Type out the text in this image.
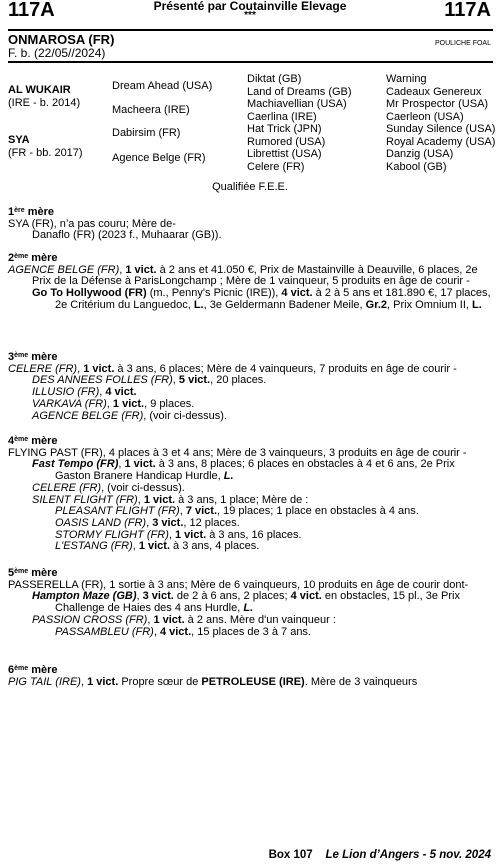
117A	Présenté par Coutainville Elevage
***	117A
ONMAROSA (FR)
F. b. (22/05//2024)
POULICHE FOAL
AL WUKAIR
(IRE - b. 2014)
SYA
(FR - bb. 2017)
Dream Ahead (USA)
Macheera (IRE)
Dabirsim (FR)
Agence Belge (FR)
Diktat (GB)
Land of Dreams (GB)
Machiavellian (USA)
Caerlina (IRE)
Hat Trick (JPN)
Rumored (USA)
Librettist (USA)
Celere (FR)
Warning
Cadeaux Genereux
Mr Prospector (USA)
Caerleon (USA)
Sunday Silence (USA)
Royal Academy (USA)
Danzig (USA)
Kabool (GB)
Qualifiée F.E.E.
1ère mère

SYA (FR), n’a pas couru; Mère de-

Danaflo (FR) (2023 f., Muhaarar (GB)).

2ème mère

AGENCE BELGE (FR), 1 vict. à 2 ans et 41.050 €, Prix de Mastainville à Deauville, 6 places, 2e Prix de la Défense à ParisLongchamp ; Mère de 1 vainqueur, 5 produits en âge de courir -

Go To Hollywood (FR) (m., Penny's Picnic (IRE)), 4 vict. à 2 à 5 ans et 181.890 €, 17 places, 2e Critérium du Languedoc, L., 3e Geldermann Badener Meile, Gr.2, Prix Omnium II, L.

3ème mère

CELERE (FR), 1 vict. à 3 ans, 6 places; Mère de 4 vainqueurs, 7 produits en âge de courir -

DES ANNEES FOLLES (FR), 5 vict., 20 places.

ILLUSIO (FR), 4 vict.

VARKAVA (FR), 1 vict., 9 places.

AGENCE BELGE (FR), (voir ci-dessus).

4ème mère

FLYING PAST (FR), 4 places à 3 et 4 ans; Mère de 3 vainqueurs, 3 produits en âge de courir -

Fast Tempo (FR), 1 vict. à 3 ans, 8 places; 6 places en obstacles à 4 et 6 ans, 2e Prix Gaston Branere Handicap Hurdle, L.

CELERE (FR), (voir ci-dessus).

SILENT FLIGHT (FR), 1 vict. à 3 ans, 1 place; Mère de :

PLEASANT FLIGHT (FR), 7 vict., 19 places; 1 place en obstacles à 4 ans.

OASIS LAND (FR), 3 vict., 12 places.

STORMY FLIGHT (FR), 1 vict. à 3 ans, 16 places.

L'ESTANG (FR), 1 vict. à 3 ans, 4 places.

5ème mère

PASSERELLA (FR), 1 sortie à 3 ans; Mère de 6 vainqueurs, 10 produits en âge de courir dont-

Hampton Maze (GB), 3 vict. de 2 à 6 ans, 2 places; 4 vict. en obstacles, 15 pl., 3e Prix Challenge de Haies des 4 ans Hurdle, L.

PASSION CROSS (FR), 1 vict. à 2 ans. Mère d'un vainqueur :

PASSAMBLEU (FR), 4 vict., 15 places de 3 à 7 ans.

6ème mère

PIG TAIL (IRE), 1 vict. Propre sœur de PETROLEUSE (IRE). Mère de 3 vainqueurs

Box 107 Le Lion d’Angers - 5 nov. 2024
